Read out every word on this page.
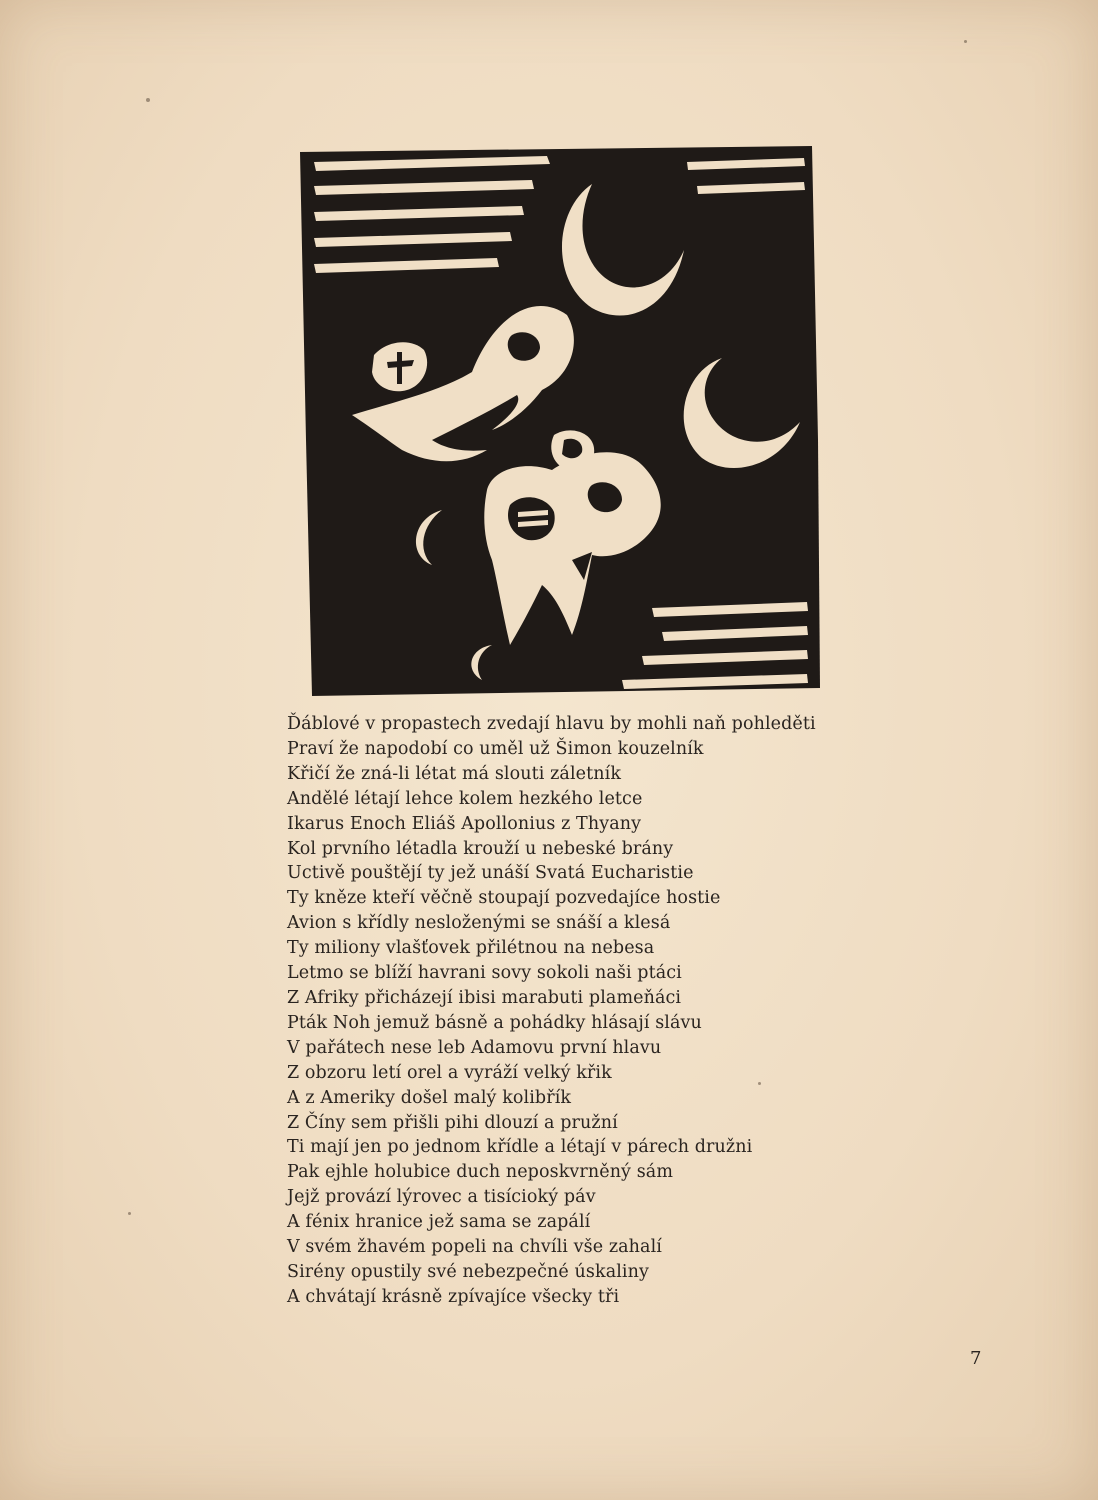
Ďáblové v propastech zvedají hlavu by mohli naň pohleděti
Praví že napodobí co uměl už Šimon kouzelník
Křičí že zná-li létat má slouti záletník
Andělé létají lehce kolem hezkého letce
Ikarus Enoch Eliáš Apollonius z Thyany
Kol prvního létadla krouží u nebeské brány
Uctivě pouštějí ty jež unáší Svatá Eucharistie
Ty kněze kteří věčně stoupají pozvedajíce hostie
Avion s křídly nesloženými se snáší a klesá
Ty miliony vlašťovek přilétnou na nebesa
Letmo se blíží havrani sovy sokoli naši ptáci
Z Afriky přicházejí ibisi marabuti plameňáci
Pták Noh jemuž básně a pohádky hlásají slávu
V pařátech nese leb Adamovu první hlavu
Z obzoru letí orel a vyráží velký křik
A z Ameriky došel malý kolibřík
Z Číny sem přišli pihi dlouzí a pružní
Ti mají jen po jednom křídle a létají v párech družni
Pak ejhle holubice duch neposkvrněný sám
Jejž provází lýrovec a tisícioký páv
A fénix hranice jež sama se zapálí
V svém žhavém popeli na chvíli vše zahalí
Sirény opustily své nebezpečné úskaliny
A chvátají krásně zpívajíce všecky tři
7
